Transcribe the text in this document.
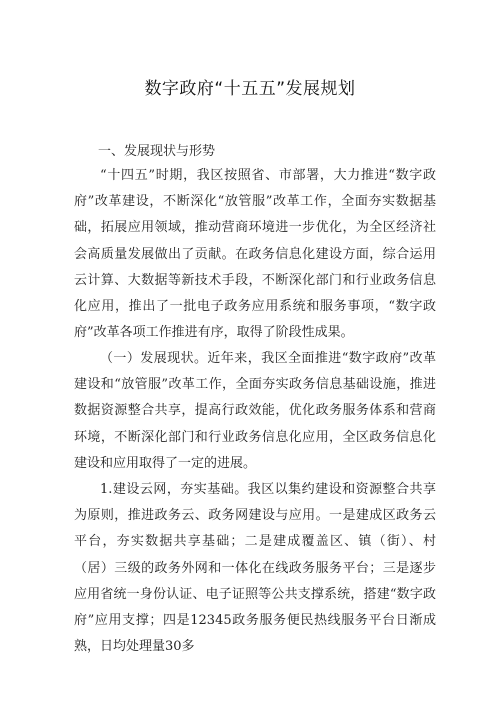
数字政府“十五五”发展规划
一、发展现状与形势

“十四五”时期，我区按照省、市部署，大力推进“数字政府”改革建设，不断深化“放管服”改革工作，全面夯实数据基础，拓展应用领域，推动营商环境进一步优化，为全区经济社会高质量发展做出了贡献。在政务信息化建设方面，综合运用云计算、大数据等新技术手段，不断深化部门和行业政务信息化应用，推出了一批电子政务应用系统和服务事项，“数字政府”改革各项工作推进有序，取得了阶段性成果。

（一）发展现状。近年来，我区全面推进“数字政府”改革建设和“放管服”改革工作，全面夯实政务信息基础设施，推进数据资源整合共享，提高行政效能，优化政务服务体系和营商环境，不断深化部门和行业政务信息化应用，全区政务信息化建设和应用取得了一定的进展。

1.建设云网，夯实基础。我区以集约建设和资源整合共享为原则，推进政务云、政务网建设与应用。一是建成区政务云平台，夯实数据共享基础；二是建成覆盖区、镇（街）、村（居）三级的政务外网和一体化在线政务服务平台；三是逐步应用省统一身份认证、电子证照等公共支撑系统，搭建“数字政府”应用支撑；四是12345政务服务便民热线服务平台日渐成熟，日均处理量30多
